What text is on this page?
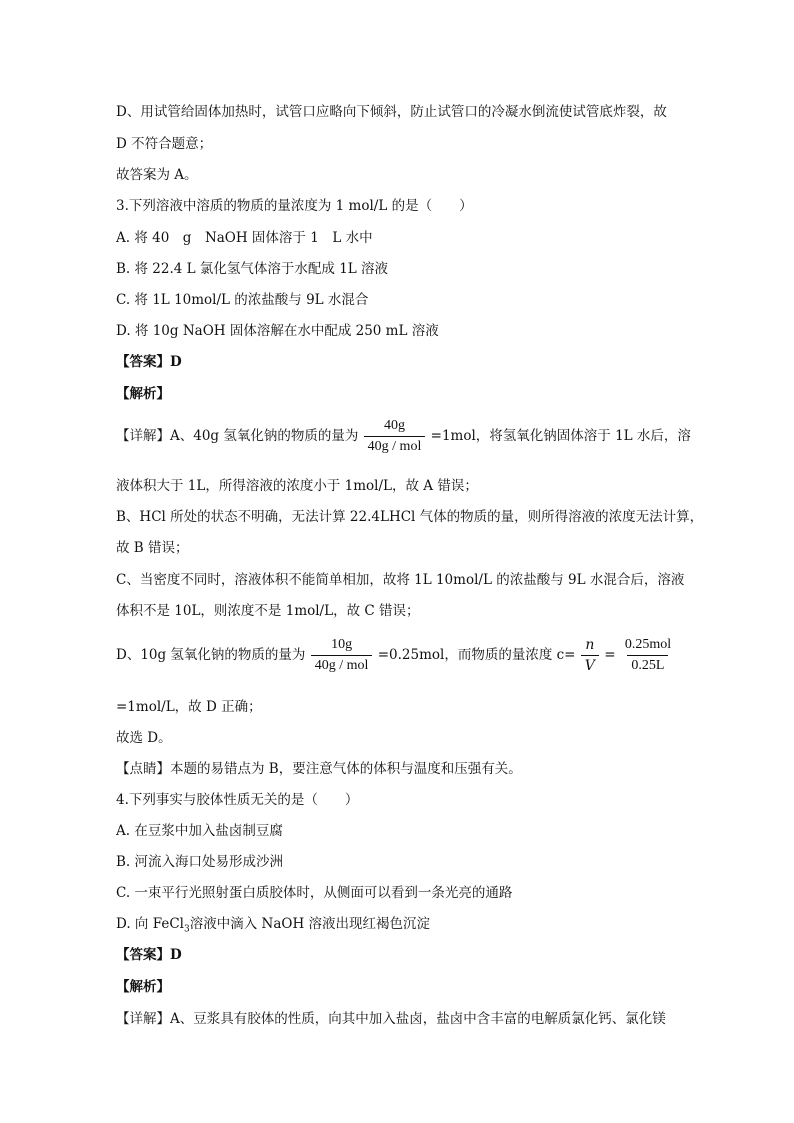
D、用试管给固体加热时，试管口应略向下倾斜，防止试管口的冷凝水倒流使试管底炸裂，故
D 不符合题意；
故答案为 A。
3.下列溶液中溶质的物质的量浓度为 1 mol/L 的是（　　）
A. 将 40　g　NaOH 固体溶于 1　L 水中
B. 将 22.4 L 氯化氢气体溶于水配成 1L 溶液
C. 将 1L 10mol/L 的浓盐酸与 9L 水混合
D. 将 10g NaOH 固体溶解在水中配成 250 mL 溶液
【答案】D
【解析】
【详解】A、40g 氢氧化钠的物质的量为 $\frac{40g}{\text{40g / mol}} =1mol$，将氢氧化钠固体溶于 1L 水后，溶
液体积大于 1L，所得溶液的浓度小于 1mol/L，故 A 错误；
B、HCl 所处的状态不明确，无法计算 22.4LHCl 气体的物质的量，则所得溶液的浓度无法计算，
故 B 错误；
C、当密度不同时，溶液体积不能简单相加，故将 1L 10mol/L 的浓盐酸与 9L 水混合后，溶液
体积不是 10L，则浓度不是 1mol/L，故 C 错误；
D、10g 氢氧化钠的物质的量为 $\frac{10g}{\text{40g / mol}} =0.25mol$，而物质的量浓度 $c= \frac{n}{V} = \frac{\text{0.25mol}}{0.25L}$
=1mol/L，故 D 正确；
故选 D。
【点睛】本题的易错点为 B，要注意气体的体积与温度和压强有关。
4.下列事实与胶体性质无关的是（　　）
A. 在豆浆中加入盐卤制豆腐
B. 河流入海口处易形成沙洲
C. 一束平行光照射蛋白质胶体时，从侧面可以看到一条光亮的通路
D. 向 FeCl$_3$溶液中滴入 NaOH 溶液出现红褐色沉淀
【答案】D
【解析】
【详解】A、豆浆具有胶体的性质，向其中加入盐卤，盐卤中含丰富的电解质氯化钙、氯化镁
